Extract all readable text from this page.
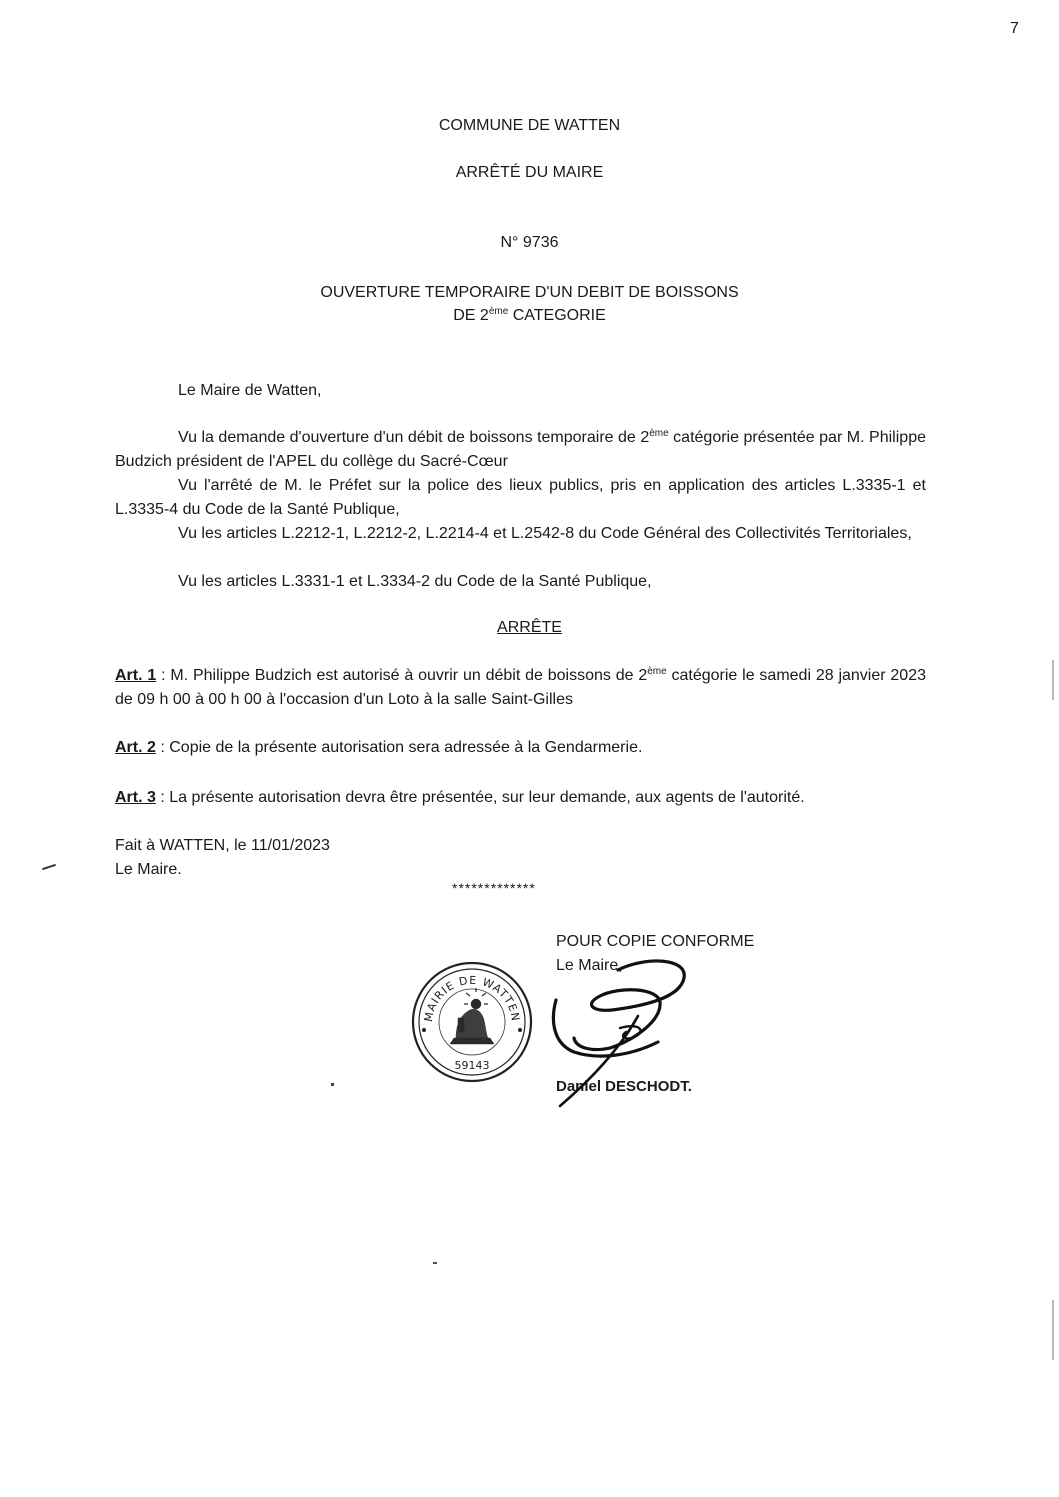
7
COMMUNE DE WATTEN
ARRÊTÉ DU MAIRE
N° 9736
OUVERTURE TEMPORAIRE D'UN DEBIT DE BOISSONS
DE 2ème CATEGORIE
Le Maire de Watten,
Vu la demande d'ouverture d'un débit de boissons temporaire de 2ème catégorie présentée par M. Philippe Budzich président de l'APEL du collège du Sacré-Cœur
Vu l'arrêté de M. le Préfet sur la police des lieux publics, pris en application des articles L.3335-1 et L.3335-4 du Code de la Santé Publique,
Vu les articles L.2212-1, L.2212-2, L.2214-4 et L.2542-8 du Code Général des Collectivités Territoriales,
Vu les articles L.3331-1 et L.3334-2 du Code de la Santé Publique,
ARRÊTE
Art. 1 : M. Philippe Budzich est autorisé à ouvrir un débit de boissons de 2ème catégorie le samedi 28 janvier 2023 de 09 h 00 à 00 h 00 à l'occasion d'un Loto à la salle Saint-Gilles
Art. 2 : Copie de la présente autorisation sera adressée à la Gendarmerie.
Art. 3 : La présente autorisation devra être présentée, sur leur demande, aux agents de l'autorité.
Fait à WATTEN, le 11/01/2023
Le Maire.
*************
POUR COPIE CONFORME
Le Maire,
Daniel DESCHODT.
MAIRIE DE WATTEN
59143
